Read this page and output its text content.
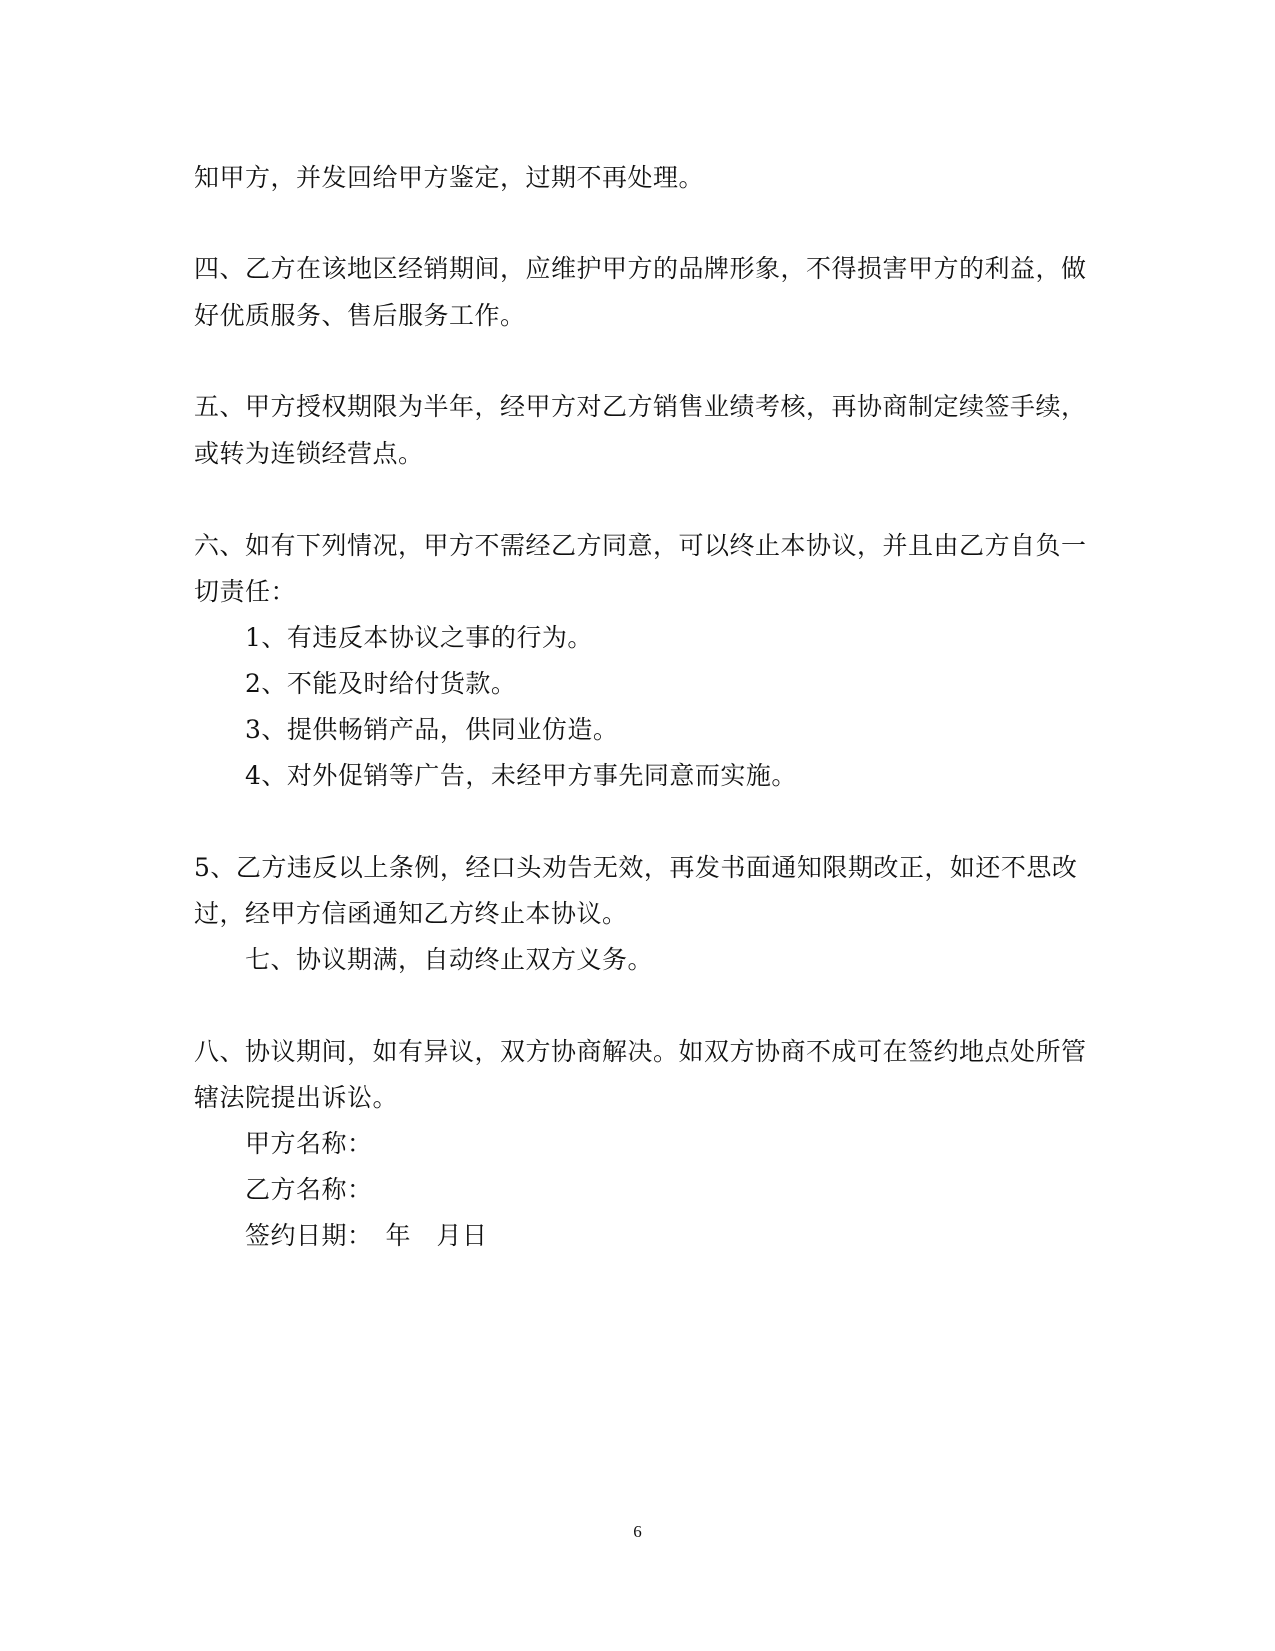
知甲方，并发回给甲方鉴定，过期不再处理。
四、乙方在该地区经销期间，应维护甲方的品牌形象，不得损害甲方的利益，做
好优质服务、售后服务工作。
五、甲方授权期限为半年，经甲方对乙方销售业绩考核，再协商制定续签手续，
或转为连锁经营点。
六、如有下列情况，甲方不需经乙方同意，可以终止本协议，并且由乙方自负一
切责任：
1、有违反本协议之事的行为。
2、不能及时给付货款。
3、提供畅销产品，供同业仿造。
4、对外促销等广告，未经甲方事先同意而实施。
5、乙方违反以上条例，经口头劝告无效，再发书面通知限期改正，如还不思改
过，经甲方信函通知乙方终止本协议。
七、协议期满，自动终止双方义务。
八、协议期间，如有异议，双方协商解决。如双方协商不成可在签约地点处所管
辖法院提出诉讼。
甲方名称：
乙方名称：
签约日期：　年　月日
6
